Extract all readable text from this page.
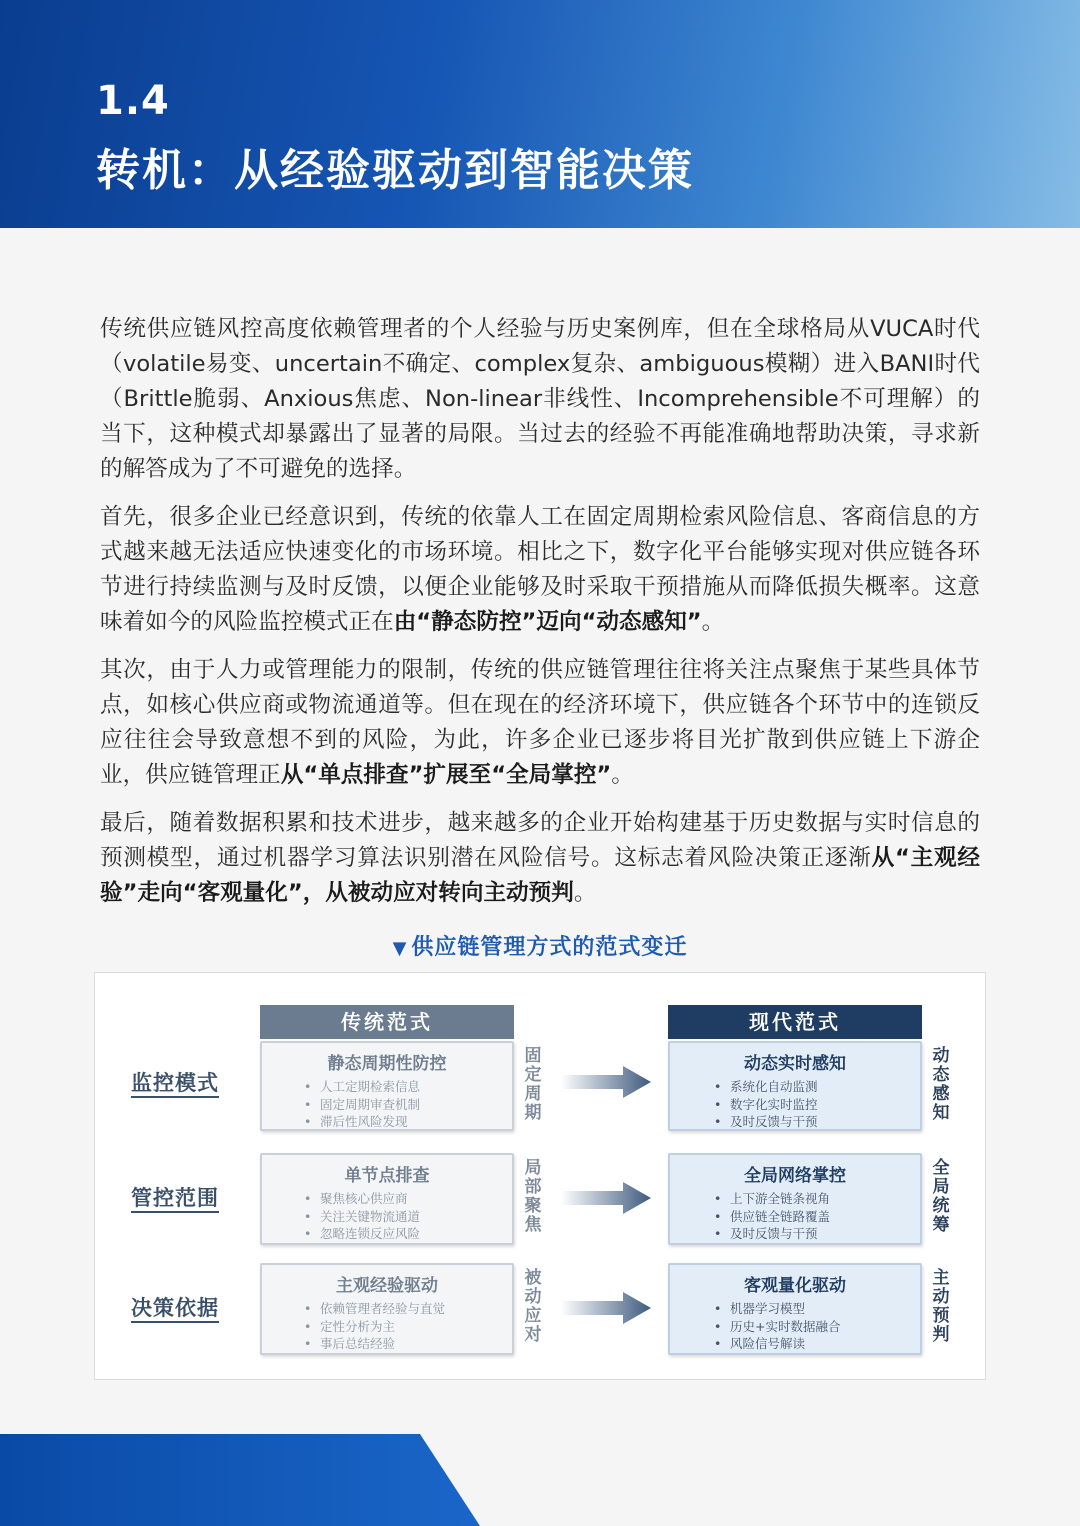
1.4
转机：从经验驱动到智能决策

传统供应链风控高度依赖管理者的个人经验与历史案例库，但在全球格局从VUCA时代（volatile易变、uncertain不确定、complex复杂、ambiguous模糊）进入BANI时代（Brittle脆弱、Anxious焦虑、Non-linear非线性、Incomprehensible不可理解）的当下，这种模式却暴露出了显著的局限。当过去的经验不再能准确地帮助决策，寻求新的解答成为了不可避免的选择。

首先，很多企业已经意识到，传统的依靠人工在固定周期检索风险信息、客商信息的方式越来越无法适应快速变化的市场环境。相比之下，数字化平台能够实现对供应链各环节进行持续监测与及时反馈，以便企业能够及时采取干预措施从而降低损失概率。这意味着如今的风险监控模式正在由“静态防控”迈向“动态感知”。

其次，由于人力或管理能力的限制，传统的供应链管理往往将关注点聚焦于某些具体节点，如核心供应商或物流通道等。但在现在的经济环境下，供应链各个环节中的连锁反应往往会导致意想不到的风险，为此，许多企业已逐步将目光扩散到供应链上下游企业，供应链管理正从“单点排查”扩展至“全局掌控”。

最后，随着数据积累和技术进步，越来越多的企业开始构建基于历史数据与实时信息的预测模型，通过机器学习算法识别潜在风险信号。这标志着风险决策正逐渐从“主观经验”走向“客观量化”，从被动应对转向主动预判。

▼ 供应链管理方式的范式变迁
传统范式	现代范式
监控模式
静态周期性防控
• 人工定期检索信息
• 固定周期审查机制
• 滞后性风险发现
固定周期
动态实时感知
• 系统化自动监测
• 数字化实时监控
• 及时反馈与干预
动态感知
管控范围
单节点排查
• 聚焦核心供应商
• 关注关键物流通道
• 忽略连锁反应风险
局部聚焦
全局网络掌控
• 上下游全链条视角
• 供应链全链路覆盖
• 及时反馈与干预
全局统筹
决策依据
主观经验驱动
• 依赖管理者经验与直觉
• 定性分析为主
• 事后总结经验
被动应对
客观量化驱动
• 机器学习模型
• 历史+实时数据融合
• 风险信号解读
主动预判
